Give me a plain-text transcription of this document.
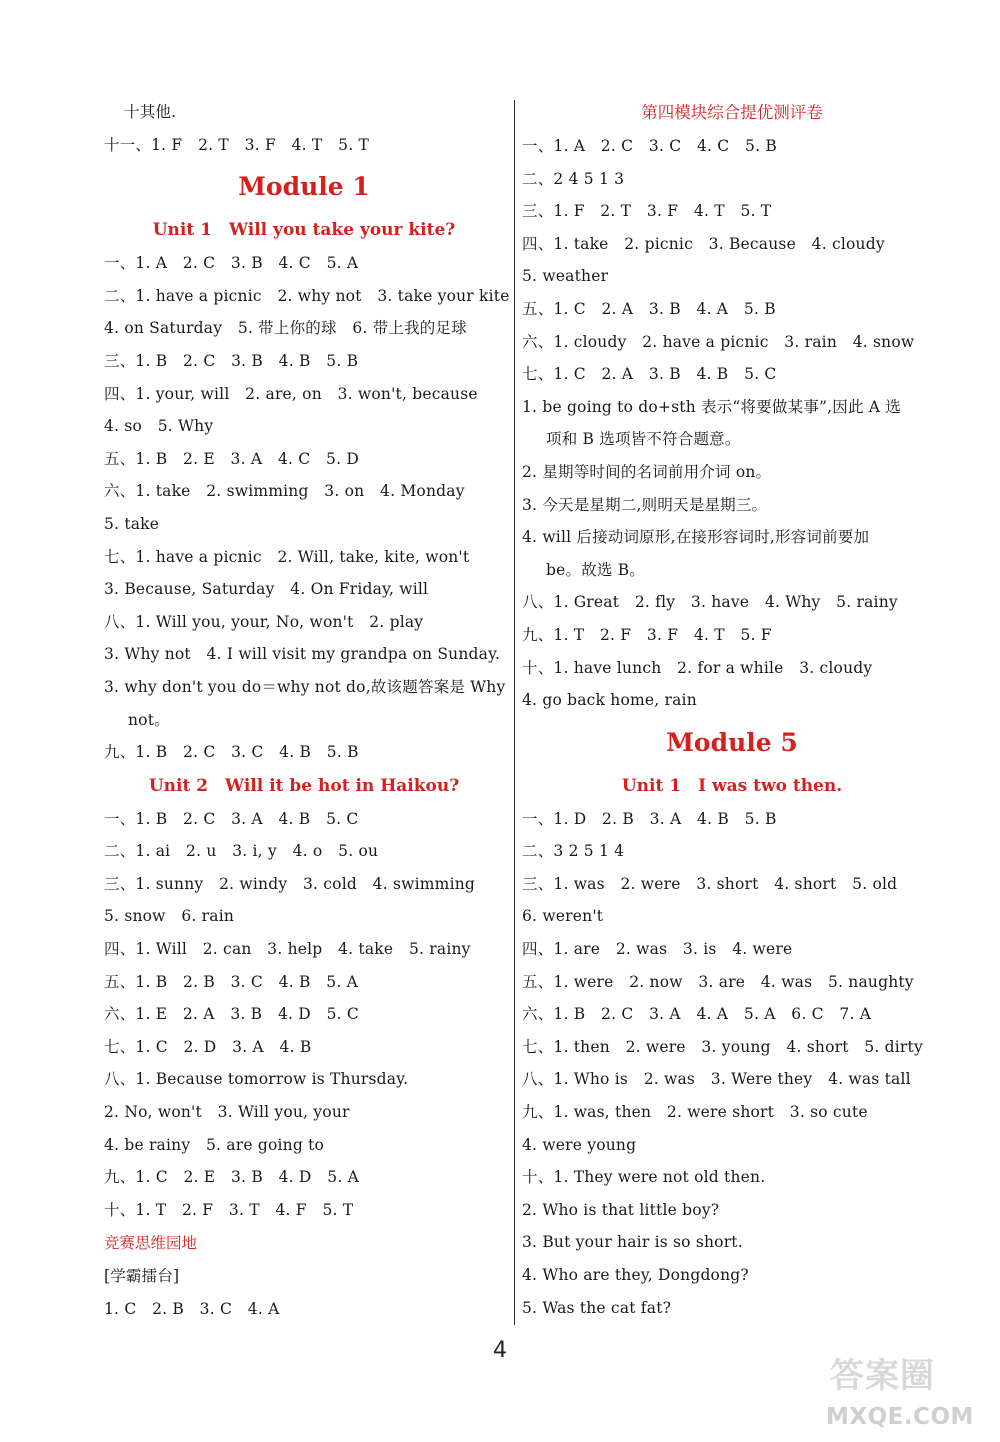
十其他.
十一、1. F　2. T　3. F　4. T　5. T
Module 1
Unit 1　Will you take your kite?
一、1. A　2. C　3. B　4. C　5. A
二、1. have a picnic　2. why not　3. take your kite
4. on Saturday　5. 带上你的球　6. 带上我的足球
三、1. B　2. C　3. B　4. B　5. B
四、1. your, will　2. are, on　3. won't, because
4. so　5. Why
五、1. B　2. E　3. A　4. C　5. D
六、1. take　2. swimming　3. on　4. Monday
5. take
七、1. have a picnic　2. Will, take, kite, won't
3. Because, Saturday　4. On Friday, will
八、1. Will you, your, No, won't　2. play
3. Why not　4. I will visit my grandpa on Sunday.
3. why don't you do＝why not do,故该题答案是 Why
not。
九、1. B　2. C　3. C　4. B　5. B
Unit 2　Will it be hot in Haikou?
一、1. B　2. C　3. A　4. B　5. C
二、1. ai　2. u　3. i, y　4. o　5. ou
三、1. sunny　2. windy　3. cold　4. swimming
5. snow　6. rain
四、1. Will　2. can　3. help　4. take　5. rainy
五、1. B　2. B　3. C　4. B　5. A
六、1. E　2. A　3. B　4. D　5. C
七、1. C　2. D　3. A　4. B
八、1. Because tomorrow is Thursday.
2. No, won't　3. Will you, your
4. be rainy　5. are going to
九、1. C　2. E　3. B　4. D　5. A
十、1. T　2. F　3. T　4. F　5. T
竞赛思维园地
[学霸擂台]
1. C　2. B　3. C　4. A
第四模块综合提优测评卷
一、1. A　2. C　3. C　4. C　5. B
二、2 4 5 1 3
三、1. F　2. T　3. F　4. T　5. T
四、1. take　2. picnic　3. Because　4. cloudy
5. weather
五、1. C　2. A　3. B　4. A　5. B
六、1. cloudy　2. have a picnic　3. rain　4. snow
七、1. C　2. A　3. B　4. B　5. C
1. be going to do+sth 表示“将要做某事”,因此 A 选
项和 B 选项皆不符合题意。
2. 星期等时间的名词前用介词 on。
3. 今天是星期二,则明天是星期三。
4. will 后接动词原形,在接形容词时,形容词前要加
be。故选 B。
八、1. Great　2. fly　3. have　4. Why　5. rainy
九、1. T　2. F　3. F　4. T　5. F
十、1. have lunch　2. for a while　3. cloudy
4. go back home, rain
Module 5
Unit 1　I was two then.
一、1. D　2. B　3. A　4. B　5. B
二、3 2 5 1 4
三、1. was　2. were　3. short　4. short　5. old
6. weren't
四、1. are　2. was　3. is　4. were
五、1. were　2. now　3. are　4. was　5. naughty
六、1. B　2. C　3. A　4. A　5. A　6. C　7. A
七、1. then　2. were　3. young　4. short　5. dirty
八、1. Who is　2. was　3. Were they　4. was tall
九、1. was, then　2. were short　3. so cute
4. were young
十、1. They were not old then.
2. Who is that little boy?
3. But your hair is so short.
4. Who are they, Dongdong?
5. Was the cat fat?
4
答案圈
MXQE.COM
